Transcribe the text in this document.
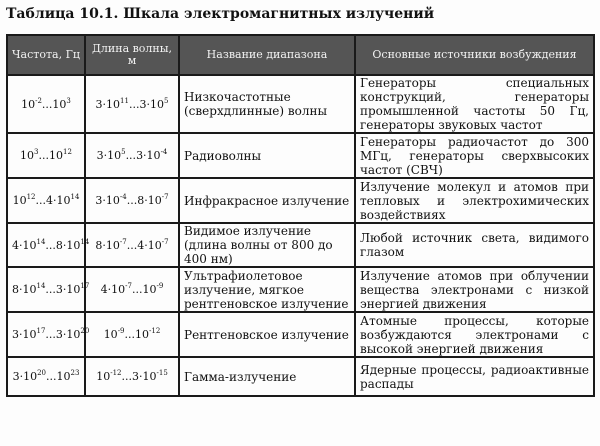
Таблица 10.1. Шкала электромагнитных излучений
Частота, Гц	Длина волны, м	Название диапазона	Основные источники возбуждения
$10^{-2}...10^3$	$3\cdot 10^{11}...3\cdot 10^5$	Низкочастотные (сверхдлинные) волны	Генераторы специальных конструкций, генераторы промышленной частоты 50 Гц, генераторы звуковых частот
$10^3...10^{12}$	$3\cdot 10^5...3\cdot 10^{-4}$	Радиоволны	Генераторы радиочастот до 300 МГц, генераторы сверхвысоких частот (СВЧ)
$10^{12}...4\cdot 10^{14}$	$3\cdot 10^{-4}...8\cdot 10^{-7}$	Инфракрасное излучение	Излучение молекул и атомов при тепловых и электрохимических воздействиях
$4\cdot 10^{14}...8\cdot 10^{14}$	$8\cdot 10^{-7}...4\cdot 10^{-7}$	Видимое излучение (длина волны от 800 до 400 нм)	Любой источник света, видимого глазом
$8\cdot 10^{14}...3\cdot 10^{17}$	$4\cdot 10^{-7}...10^{-9}$	Ультрафиолетовое излучение, мягкое рентгеновское излучение	Излучение атомов при облучении вещества электронами с низкой энергией движения
$3\cdot 10^{17}...3\cdot 10^{20}$	$10^{-9}...10^{-12}$	Рентгеновское излучение	Атомные процессы, которые возбуждаются электронами с высокой энергией движения
$3\cdot 10^{20}...10^{23}$	$10^{-12}...3\cdot 10^{-15}$	Гамма-излучение	Ядерные процессы, радиоактивные распады
